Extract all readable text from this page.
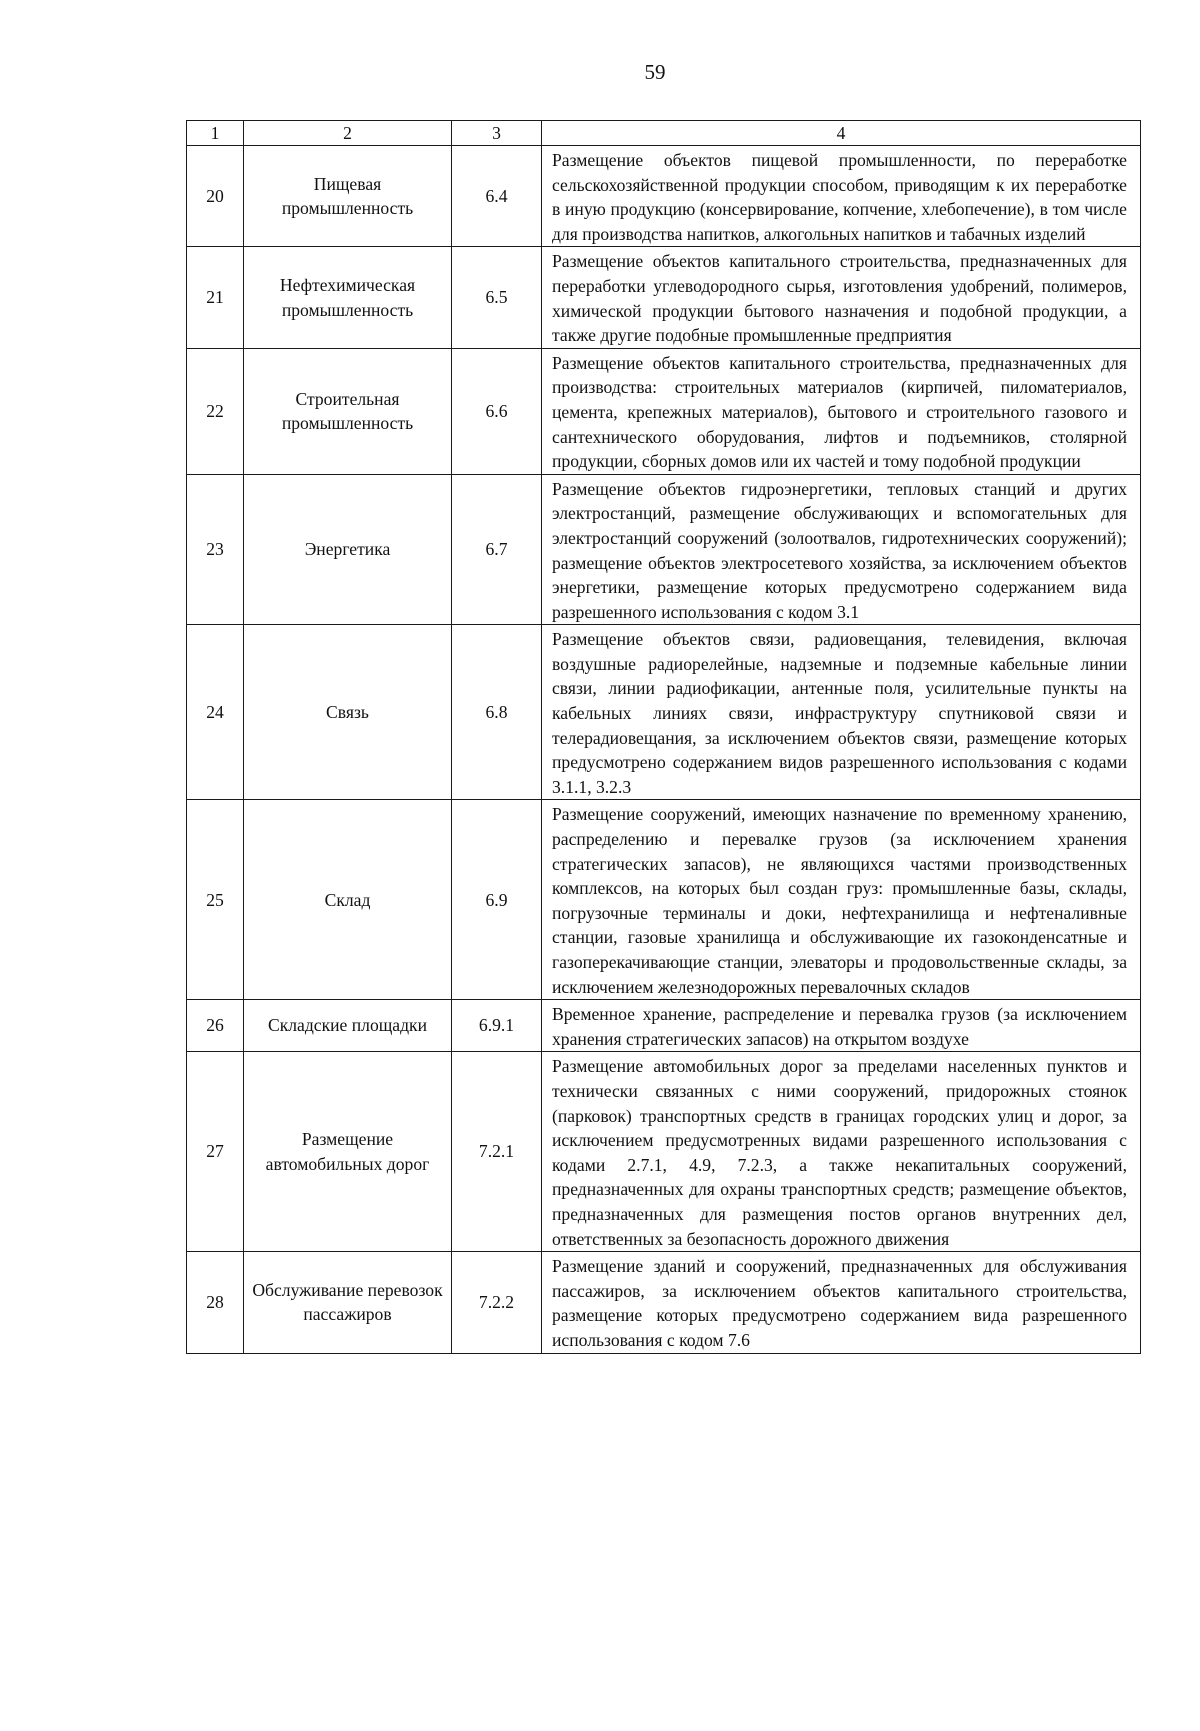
59
1	2	3	4
20	Пищевая промышленность	6.4	Размещение объектов пищевой промышленности, по переработке сельскохозяйственной продукции способом, приводящим к их переработке в иную продукцию (консервирование, копчение, хлебопечение), в том числе для производства напитков, алкогольных напитков и табачных изделий
21	Нефтехимическая промышленность	6.5	Размещение объектов капитального строительства, предназначенных для переработки углеводородного сырья, изготовления удобрений, полимеров, химической продукции бытового назначения и подобной продукции, а также другие подобные промышленные предприятия
22	Строительная промышленность	6.6	Размещение объектов капитального строительства, предназначенных для производства: строительных материалов (кирпичей, пиломатериалов, цемента, крепежных материалов), бытового и строительного газового и сантехнического оборудования, лифтов и подъемников, столярной продукции, сборных домов или их частей и тому подобной продукции
23	Энергетика	6.7	Размещение объектов гидроэнергетики, тепловых станций и других электростанций, размещение обслуживающих и вспомогательных для электростанций сооружений (золоотвалов, гидротехнических сооружений); размещение объектов электросетевого хозяйства, за исключением объектов энергетики, размещение которых предусмотрено содержанием вида разрешенного использования с кодом 3.1
24	Связь	6.8	Размещение объектов связи, радиовещания, телевидения, включая воздушные радиорелейные, надземные и подземные кабельные линии связи, линии радиофикации, антенные поля, усилительные пункты на кабельных линиях связи, инфраструктуру спутниковой связи и телерадиовещания, за исключением объектов связи, размещение которых предусмотрено содержанием видов разрешенного использования с кодами 3.1.1, 3.2.3
25	Склад	6.9	Размещение сооружений, имеющих назначение по временному хранению, распределению и перевалке грузов (за исключением хранения стратегических запасов), не являющихся частями производственных комплексов, на которых был создан груз: промышленные базы, склады, погрузочные терминалы и доки, нефтехранилища и нефтеналивные станции, газовые хранилища и обслуживающие их газоконденсатные и газоперекачивающие станции, элеваторы и продовольственные склады, за исключением железнодорожных перевалочных складов
26	Складские площадки	6.9.1	Временное хранение, распределение и перевалка грузов (за исключением хранения стратегических запасов) на открытом воздухе
27	Размещение автомобильных дорог	7.2.1	Размещение автомобильных дорог за пределами населенных пунктов и технически связанных с ними сооружений, придорожных стоянок (парковок) транспортных средств в границах городских улиц и дорог, за исключением предусмотренных видами разрешенного использования с кодами 2.7.1, 4.9, 7.2.3, а также некапитальных сооружений, предназначенных для охраны транспортных средств; размещение объектов, предназначенных для размещения постов органов внутренних дел, ответственных за безопасность дорожного движения
28	Обслуживание перевозок пассажиров	7.2.2	Размещение зданий и сооружений, предназначенных для обслуживания пассажиров, за исключением объектов капитального строительства, размещение которых предусмотрено содержанием вида разрешенного использования с кодом 7.6
